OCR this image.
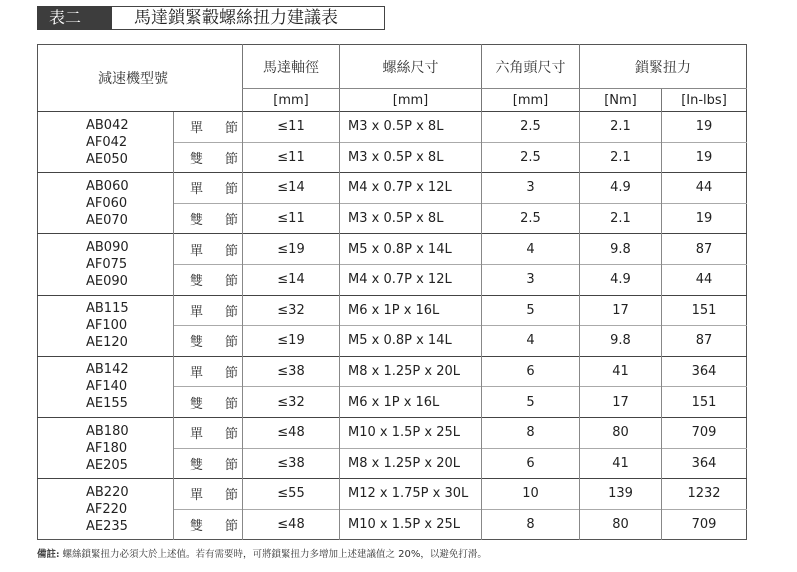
表二	馬達鎖緊轂螺絲扭力建議表
減速機型號		馬達軸徑	螺絲尺寸	六角頭尺寸	鎖緊扭力	
		[mm]	[mm]	[mm]	[Nm]	[In-lbs]

AB042
AF042
AE050	單 節	≤11	M3 x 0.5P x 8L	2.5	2.1	19
	雙 節	≤11	M3 x 0.5P x 8L	2.5	2.1	19

AB060
AF060
AE070	單 節	≤14	M4 x 0.7P x 12L	3	4.9	44
	雙 節	≤11	M3 x 0.5P x 8L	2.5	2.1	19

AB090
AF075
AE090	單 節	≤19	M5 x 0.8P x 14L	4	9.8	87
	雙 節	≤14	M4 x 0.7P x 12L	3	4.9	44

AB115
AF100
AE120	單 節	≤32	M6 x 1P x 16L	5	17	151
	雙 節	≤19	M5 x 0.8P x 14L	4	9.8	87

AB142
AF140
AE155	單 節	≤38	M8 x 1.25P x 20L	6	41	364
	雙 節	≤32	M6 x 1P x 16L	5	17	151

AB180
AF180
AE205	單 節	≤48	M10 x 1.5P x 25L	8	80	709
	雙 節	≤38	M8 x 1.25P x 20L	6	41	364

AB220
AF220
AE235	單 節	≤55	M12 x 1.75P x 30L	10	139	1232
	雙 節	≤48	M10 x 1.5P x 25L	8	80	709
備註: 螺絲鎖緊扭力必須大於上述值。若有需要時，可將鎖緊扭力多增加上述建議值之 20%，以避免打滑。
